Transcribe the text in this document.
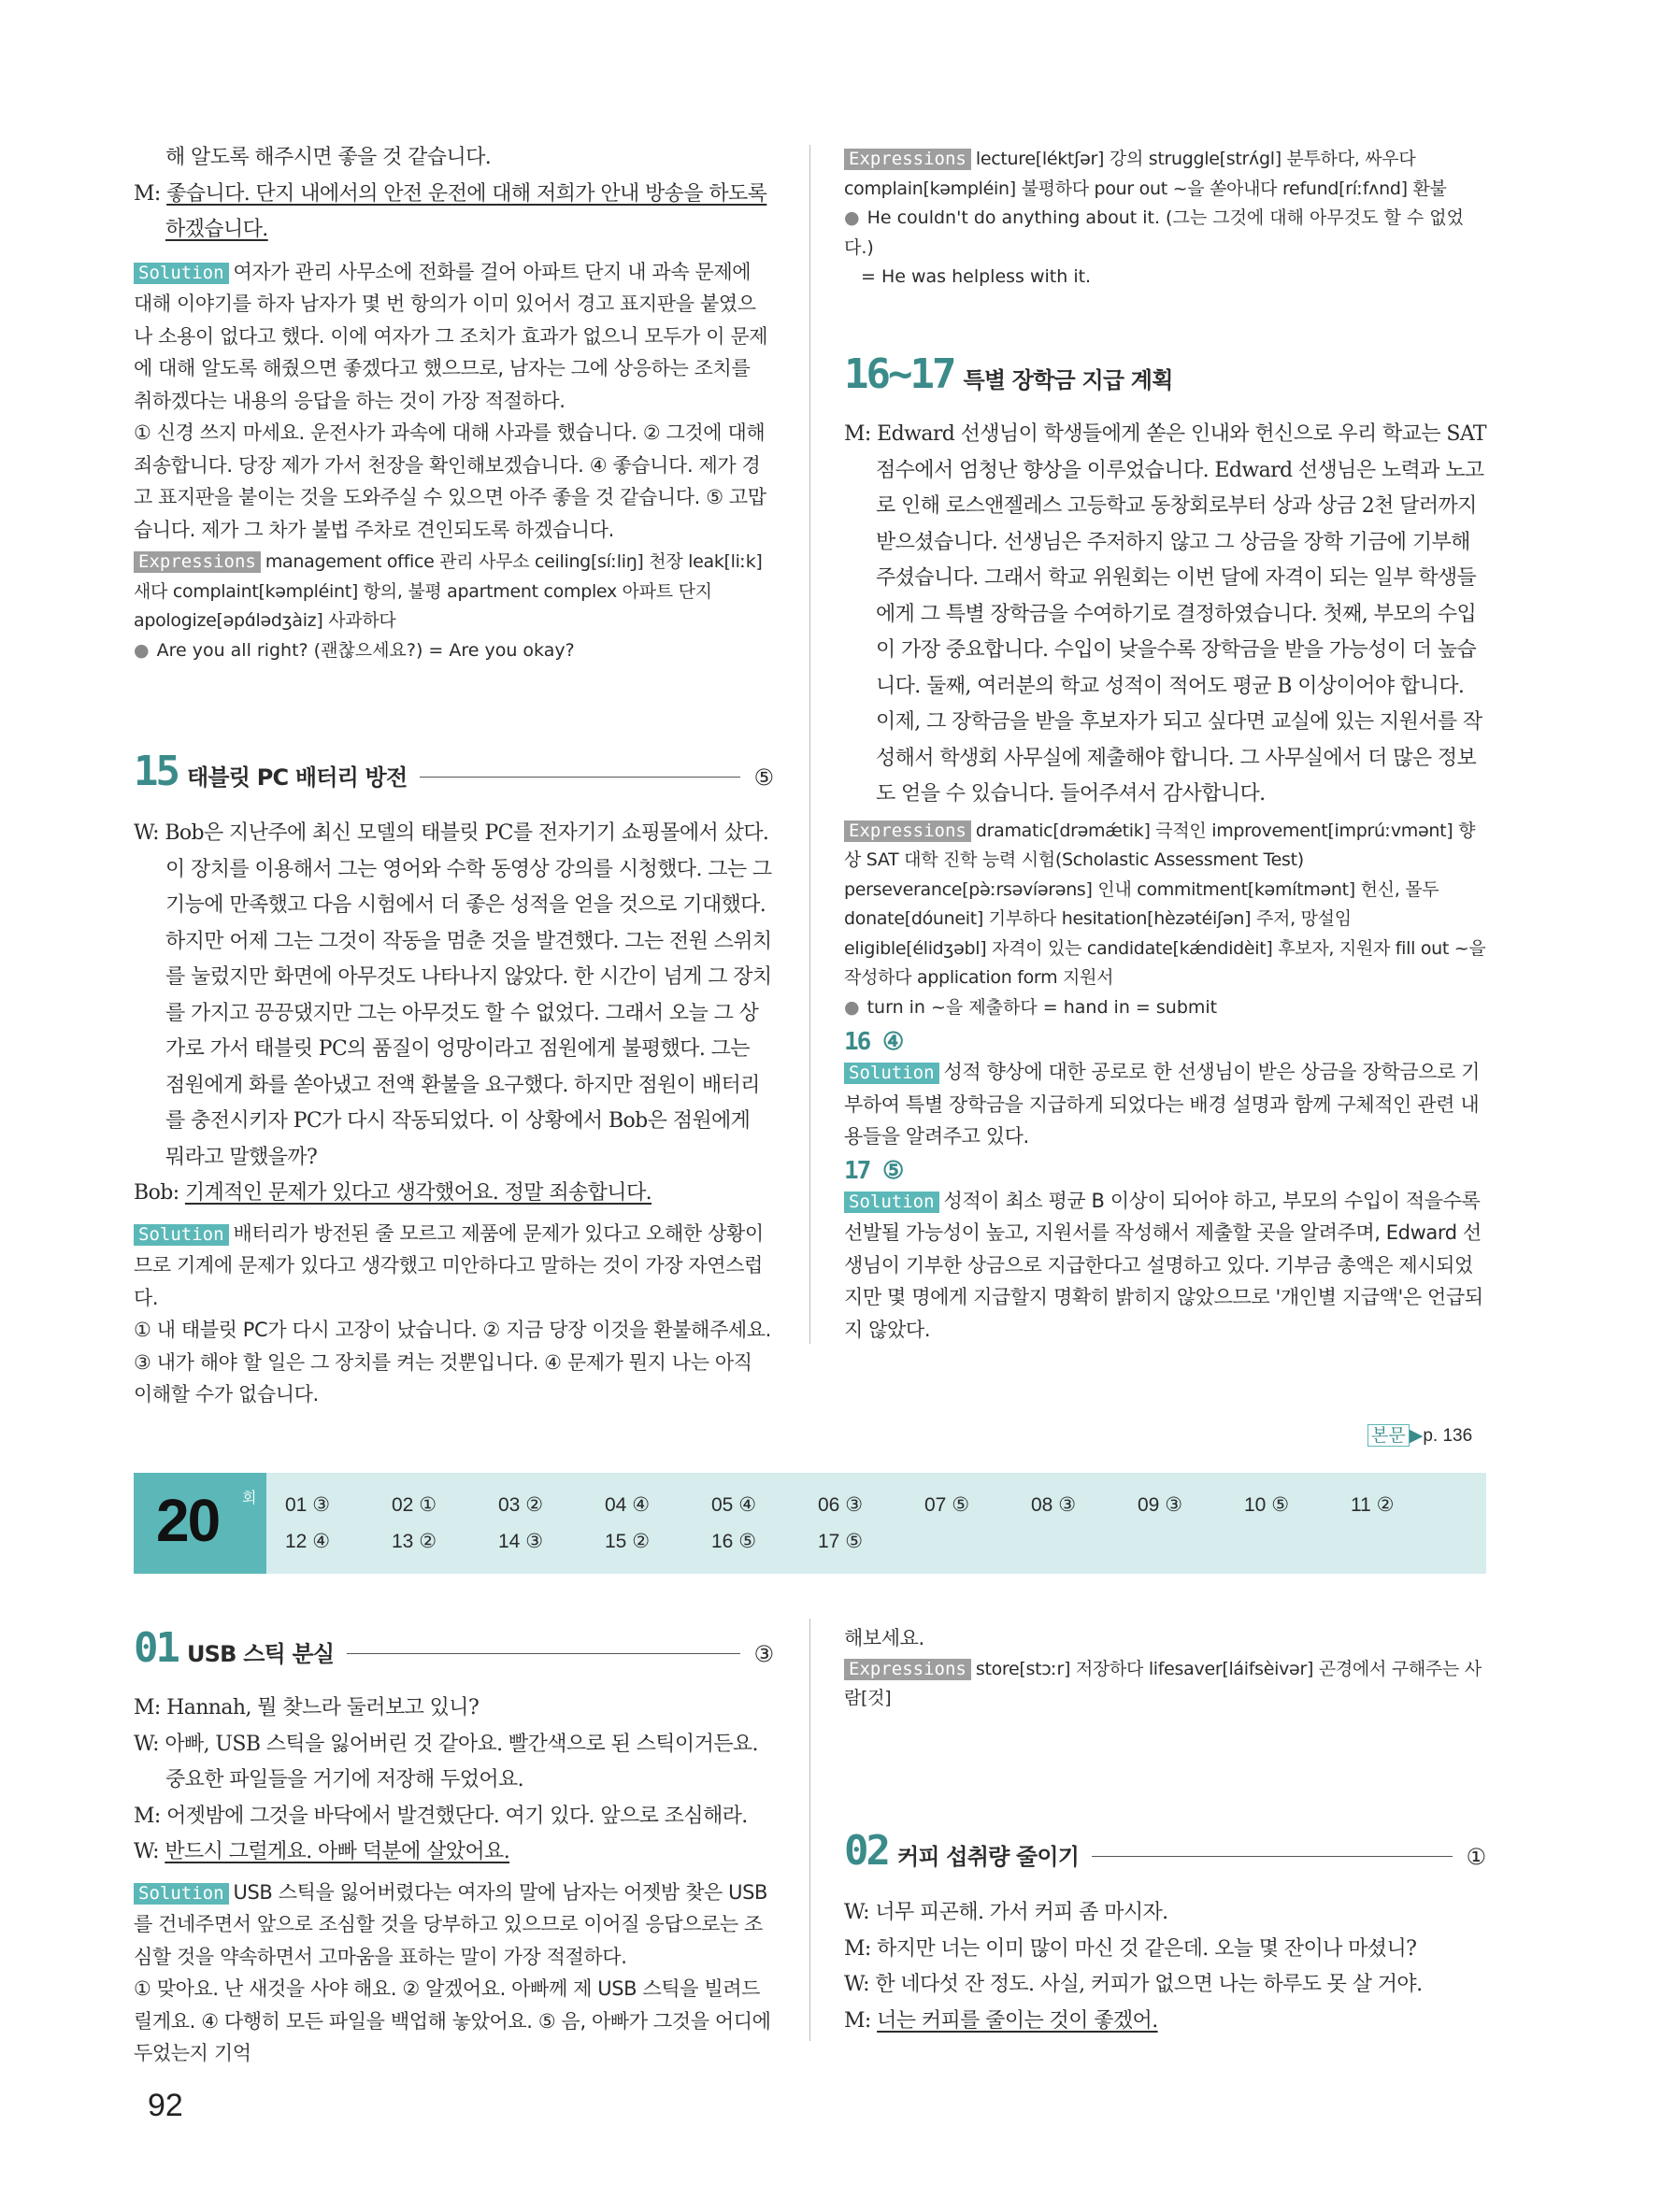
해 알도록 해주시면 좋을 것 같습니다.

M: 좋습니다. 단지 내에서의 안전 운전에 대해 저희가 안내 방송을 하도록 하겠습니다.

Solution 여자가 관리 사무소에 전화를 걸어 아파트 단지 내 과속 문제에 대해 이야기를 하자 남자가 몇 번 항의가 이미 있어서 경고 표지판을 붙였으나 소용이 없다고 했다. 이에 여자가 그 조치가 효과가 없으니 모두가 이 문제에 대해 알도록 해줬으면 좋겠다고 했으므로, 남자는 그에 상응하는 조치를 취하겠다는 내용의 응답을 하는 것이 가장 적절하다.

① 신경 쓰지 마세요. 운전사가 과속에 대해 사과를 했습니다. ② 그것에 대해 죄송합니다. 당장 제가 가서 천장을 확인해보겠습니다. ④ 좋습니다. 제가 경고 표지판을 붙이는 것을 도와주실 수 있으면 아주 좋을 것 같습니다. ⑤ 고맙습니다. 제가 그 차가 불법 주차로 견인되도록 하겠습니다.

Expressions management office 관리 사무소 ceiling[síːliŋ] 천장 leak[liːk] 새다 complaint[kəmpléint] 항의, 불평 apartment complex 아파트 단지 apologize[əpɑ́lədʒàiz] 사과하다

● Are you all right? (괜찮으세요?) = Are you okay?

15 태블릿 PC 배터리 방전	⑤

W: Bob은 지난주에 최신 모델의 태블릿 PC를 전자기기 쇼핑몰에서 샀다. 이 장치를 이용해서 그는 영어와 수학 동영상 강의를 시청했다. 그는 그 기능에 만족했고 다음 시험에서 더 좋은 성적을 얻을 것으로 기대했다. 하지만 어제 그는 그것이 작동을 멈춘 것을 발견했다. 그는 전원 스위치를 눌렀지만 화면에 아무것도 나타나지 않았다. 한 시간이 넘게 그 장치를 가지고 끙끙댔지만 그는 아무것도 할 수 없었다. 그래서 오늘 그 상가로 가서 태블릿 PC의 품질이 엉망이라고 점원에게 불평했다. 그는 점원에게 화를 쏟아냈고 전액 환불을 요구했다. 하지만 점원이 배터리를 충전시키자 PC가 다시 작동되었다. 이 상황에서 Bob은 점원에게 뭐라고 말했을까?

Bob: 기계적인 문제가 있다고 생각했어요. 정말 죄송합니다.

Solution 배터리가 방전된 줄 모르고 제품에 문제가 있다고 오해한 상황이므로 기계에 문제가 있다고 생각했고 미안하다고 말하는 것이 가장 자연스럽다.

① 내 태블릿 PC가 다시 고장이 났습니다. ② 지금 당장 이것을 환불해주세요. ③ 내가 해야 할 일은 그 장치를 켜는 것뿐입니다. ④ 문제가 뭔지 나는 아직 이해할 수가 없습니다.

Expressions lecture[léktʃər] 강의 struggle[strʌ́gl] 분투하다, 싸우다 complain[kəmpléin] 불평하다 pour out ~을 쏟아내다 refund[ríːfʌnd] 환불

● He couldn't do anything about it. (그는 그것에 대해 아무것도 할 수 없었다.)

= He was helpless with it.

16~17 특별 장학금 지급 계획

M: Edward 선생님이 학생들에게 쏟은 인내와 헌신으로 우리 학교는 SAT 점수에서 엄청난 향상을 이루었습니다. Edward 선생님은 노력과 노고로 인해 로스앤젤레스 고등학교 동창회로부터 상과 상금 2천 달러까지 받으셨습니다. 선생님은 주저하지 않고 그 상금을 장학 기금에 기부해주셨습니다. 그래서 학교 위원회는 이번 달에 자격이 되는 일부 학생들에게 그 특별 장학금을 수여하기로 결정하였습니다. 첫째, 부모의 수입이 가장 중요합니다. 수입이 낮을수록 장학금을 받을 가능성이 더 높습니다. 둘째, 여러분의 학교 성적이 적어도 평균 B 이상이어야 합니다. 이제, 그 장학금을 받을 후보자가 되고 싶다면 교실에 있는 지원서를 작성해서 학생회 사무실에 제출해야 합니다. 그 사무실에서 더 많은 정보도 얻을 수 있습니다. 들어주셔서 감사합니다.

Expressions dramatic[drəmǽtik] 극적인 improvement[imprúːvmənt] 향상 SAT 대학 진학 능력 시험(Scholastic Assessment Test) perseverance[pə̀ːrsəvíərəns] 인내 commitment[kəmítmənt] 헌신, 몰두 donate[dóuneit] 기부하다 hesitation[hèzətéiʃən] 주저, 망설임 eligible[élidʒəbl] 자격이 있는 candidate[kǽndidèit] 후보자, 지원자 fill out ~을 작성하다 application form 지원서

● turn in ~을 제출하다 = hand in = submit

16 ④

Solution 성적 향상에 대한 공로로 한 선생님이 받은 상금을 장학금으로 기부하여 특별 장학금을 지급하게 되었다는 배경 설명과 함께 구체적인 관련 내용들을 알려주고 있다.

17 ⑤

Solution 성적이 최소 평균 B 이상이 되어야 하고, 부모의 수입이 적을수록 선발될 가능성이 높고, 지원서를 작성해서 제출할 곳을 알려주며, Edward 선생님이 기부한 상금으로 지급한다고 설명하고 있다. 기부금 총액은 제시되었지만 몇 명에게 지급할지 명확히 밝히지 않았으므로 '개인별 지급액'은 언급되지 않았다.

본문 ▶p. 136
20 회 01 ③	02 ①	03 ②	04 ④	05 ④	06 ③	07 ⑤	08 ③	09 ③	10 ⑤	11 ②
12 ④	13 ②	14 ③	15 ②	16 ⑤	17 ⑤
01 USB 스틱 분실	③

M: Hannah, 뭘 찾느라 둘러보고 있니?

W: 아빠, USB 스틱을 잃어버린 것 같아요. 빨간색으로 된 스틱이거든요. 중요한 파일들을 거기에 저장해 두었어요.

M: 어젯밤에 그것을 바닥에서 발견했단다. 여기 있다. 앞으로 조심해라.

W: 반드시 그럴게요. 아빠 덕분에 살았어요.

Solution USB 스틱을 잃어버렸다는 여자의 말에 남자는 어젯밤 찾은 USB를 건네주면서 앞으로 조심할 것을 당부하고 있으므로 이어질 응답으로는 조심할 것을 약속하면서 고마움을 표하는 말이 가장 적절하다.

① 맞아요. 난 새것을 사야 해요. ② 알겠어요. 아빠께 제 USB 스틱을 빌려드릴게요. ④ 다행히 모든 파일을 백업해 놓았어요. ⑤ 음, 아빠가 그것을 어디에 두었는지 기억

해보세요.

Expressions store[stɔːr] 저장하다 lifesaver[láifsèivər] 곤경에서 구해주는 사람[것]

02 커피 섭취량 줄이기	①

W: 너무 피곤해. 가서 커피 좀 마시자.

M: 하지만 너는 이미 많이 마신 것 같은데. 오늘 몇 잔이나 마셨니?

W: 한 네다섯 잔 정도. 사실, 커피가 없으면 나는 하루도 못 살 거야.

M: 너는 커피를 줄이는 것이 좋겠어.

92
